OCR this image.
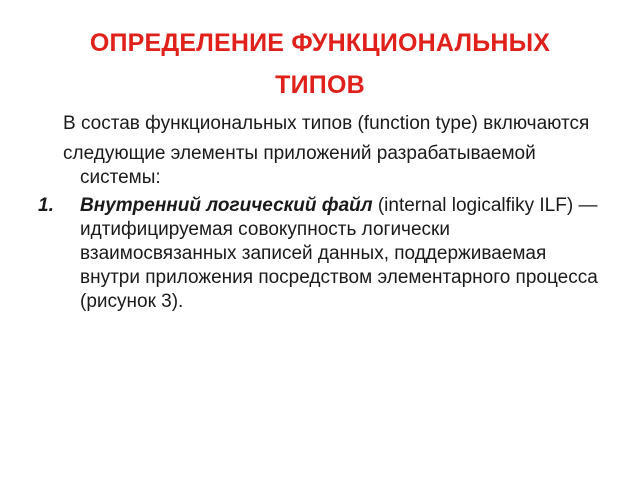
ОПРЕДЕЛЕНИЕ ФУНКЦИОНАЛЬНЫХ
ТИПОВ

В состав функциональных типов (function type) включаются

следующие элементы приложений разрабатываемой системы:

1. Внутренний логический файл (internal logicalfiky ILF) — идтифицируемая совокупность логически взаимосвязанных записей данных, поддерживаемая внутри приложения посредством элементарного процесса (рисунок 3).
